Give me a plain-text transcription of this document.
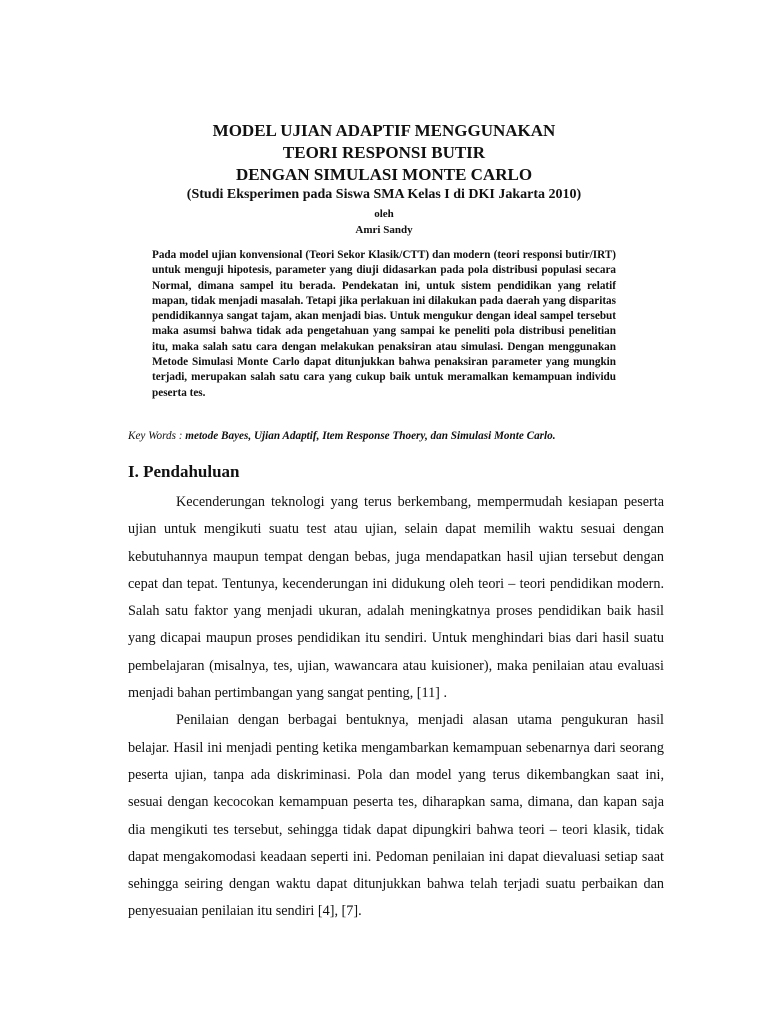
MODEL UJIAN ADAPTIF MENGGUNAKAN

TEORI RESPONSI BUTIR

DENGAN SIMULASI MONTE CARLO

(Studi Eksperimen pada Siswa SMA Kelas I di DKI Jakarta 2010)

oleh
Amri Sandy

Pada model ujian konvensional (Teori Sekor Klasik/CTT) dan modern (teori responsi butir/IRT) untuk menguji hipotesis, parameter yang diuji didasarkan pada pola distribusi populasi secara Normal, dimana sampel itu berada. Pendekatan ini, untuk sistem pendidikan yang relatif mapan, tidak menjadi masalah. Tetapi jika perlakuan ini dilakukan pada daerah yang disparitas pendidikannya sangat tajam, akan menjadi bias. Untuk mengukur dengan ideal sampel tersebut maka asumsi bahwa tidak ada pengetahuan yang sampai ke peneliti pola distribusi penelitian itu, maka salah satu cara dengan melakukan penaksiran atau simulasi. Dengan menggunakan Metode Simulasi Monte Carlo dapat ditunjukkan bahwa penaksiran parameter yang mungkin terjadi, merupakan salah satu cara yang cukup baik untuk meramalkan kemampuan individu peserta tes.

Key Words : metode Bayes, Ujian Adaptif, Item Response Thoery, dan Simulasi Monte Carlo.
I. Pendahuluan

Kecenderungan teknologi yang terus berkembang, mempermudah kesiapan peserta ujian untuk mengikuti suatu test atau ujian, selain dapat memilih waktu sesuai dengan kebutuhannya maupun tempat dengan bebas, juga mendapatkan hasil ujian tersebut dengan cepat dan tepat. Tentunya, kecenderungan ini didukung oleh teori – teori pendidikan modern. Salah satu faktor yang menjadi ukuran, adalah meningkatnya proses pendidikan baik hasil yang dicapai maupun proses pendidikan itu sendiri. Untuk menghindari bias dari hasil suatu pembelajaran (misalnya, tes, ujian, wawancara atau kuisioner), maka penilaian atau evaluasi menjadi bahan pertimbangan yang sangat penting, [11] .

Penilaian dengan berbagai bentuknya, menjadi alasan utama pengukuran hasil belajar. Hasil ini menjadi penting ketika mengambarkan kemampuan sebenarnya dari seorang peserta ujian, tanpa ada diskriminasi. Pola dan model yang terus dikembangkan saat ini, sesuai dengan kecocokan kemampuan peserta tes, diharapkan sama, dimana, dan kapan saja dia mengikuti tes tersebut, sehingga tidak dapat dipungkiri bahwa teori – teori klasik, tidak dapat mengakomodasi keadaan seperti ini. Pedoman penilaian ini dapat dievaluasi setiap saat sehingga seiring dengan waktu dapat ditunjukkan bahwa telah terjadi suatu perbaikan dan penyesuaian penilaian itu sendiri [4], [7].
